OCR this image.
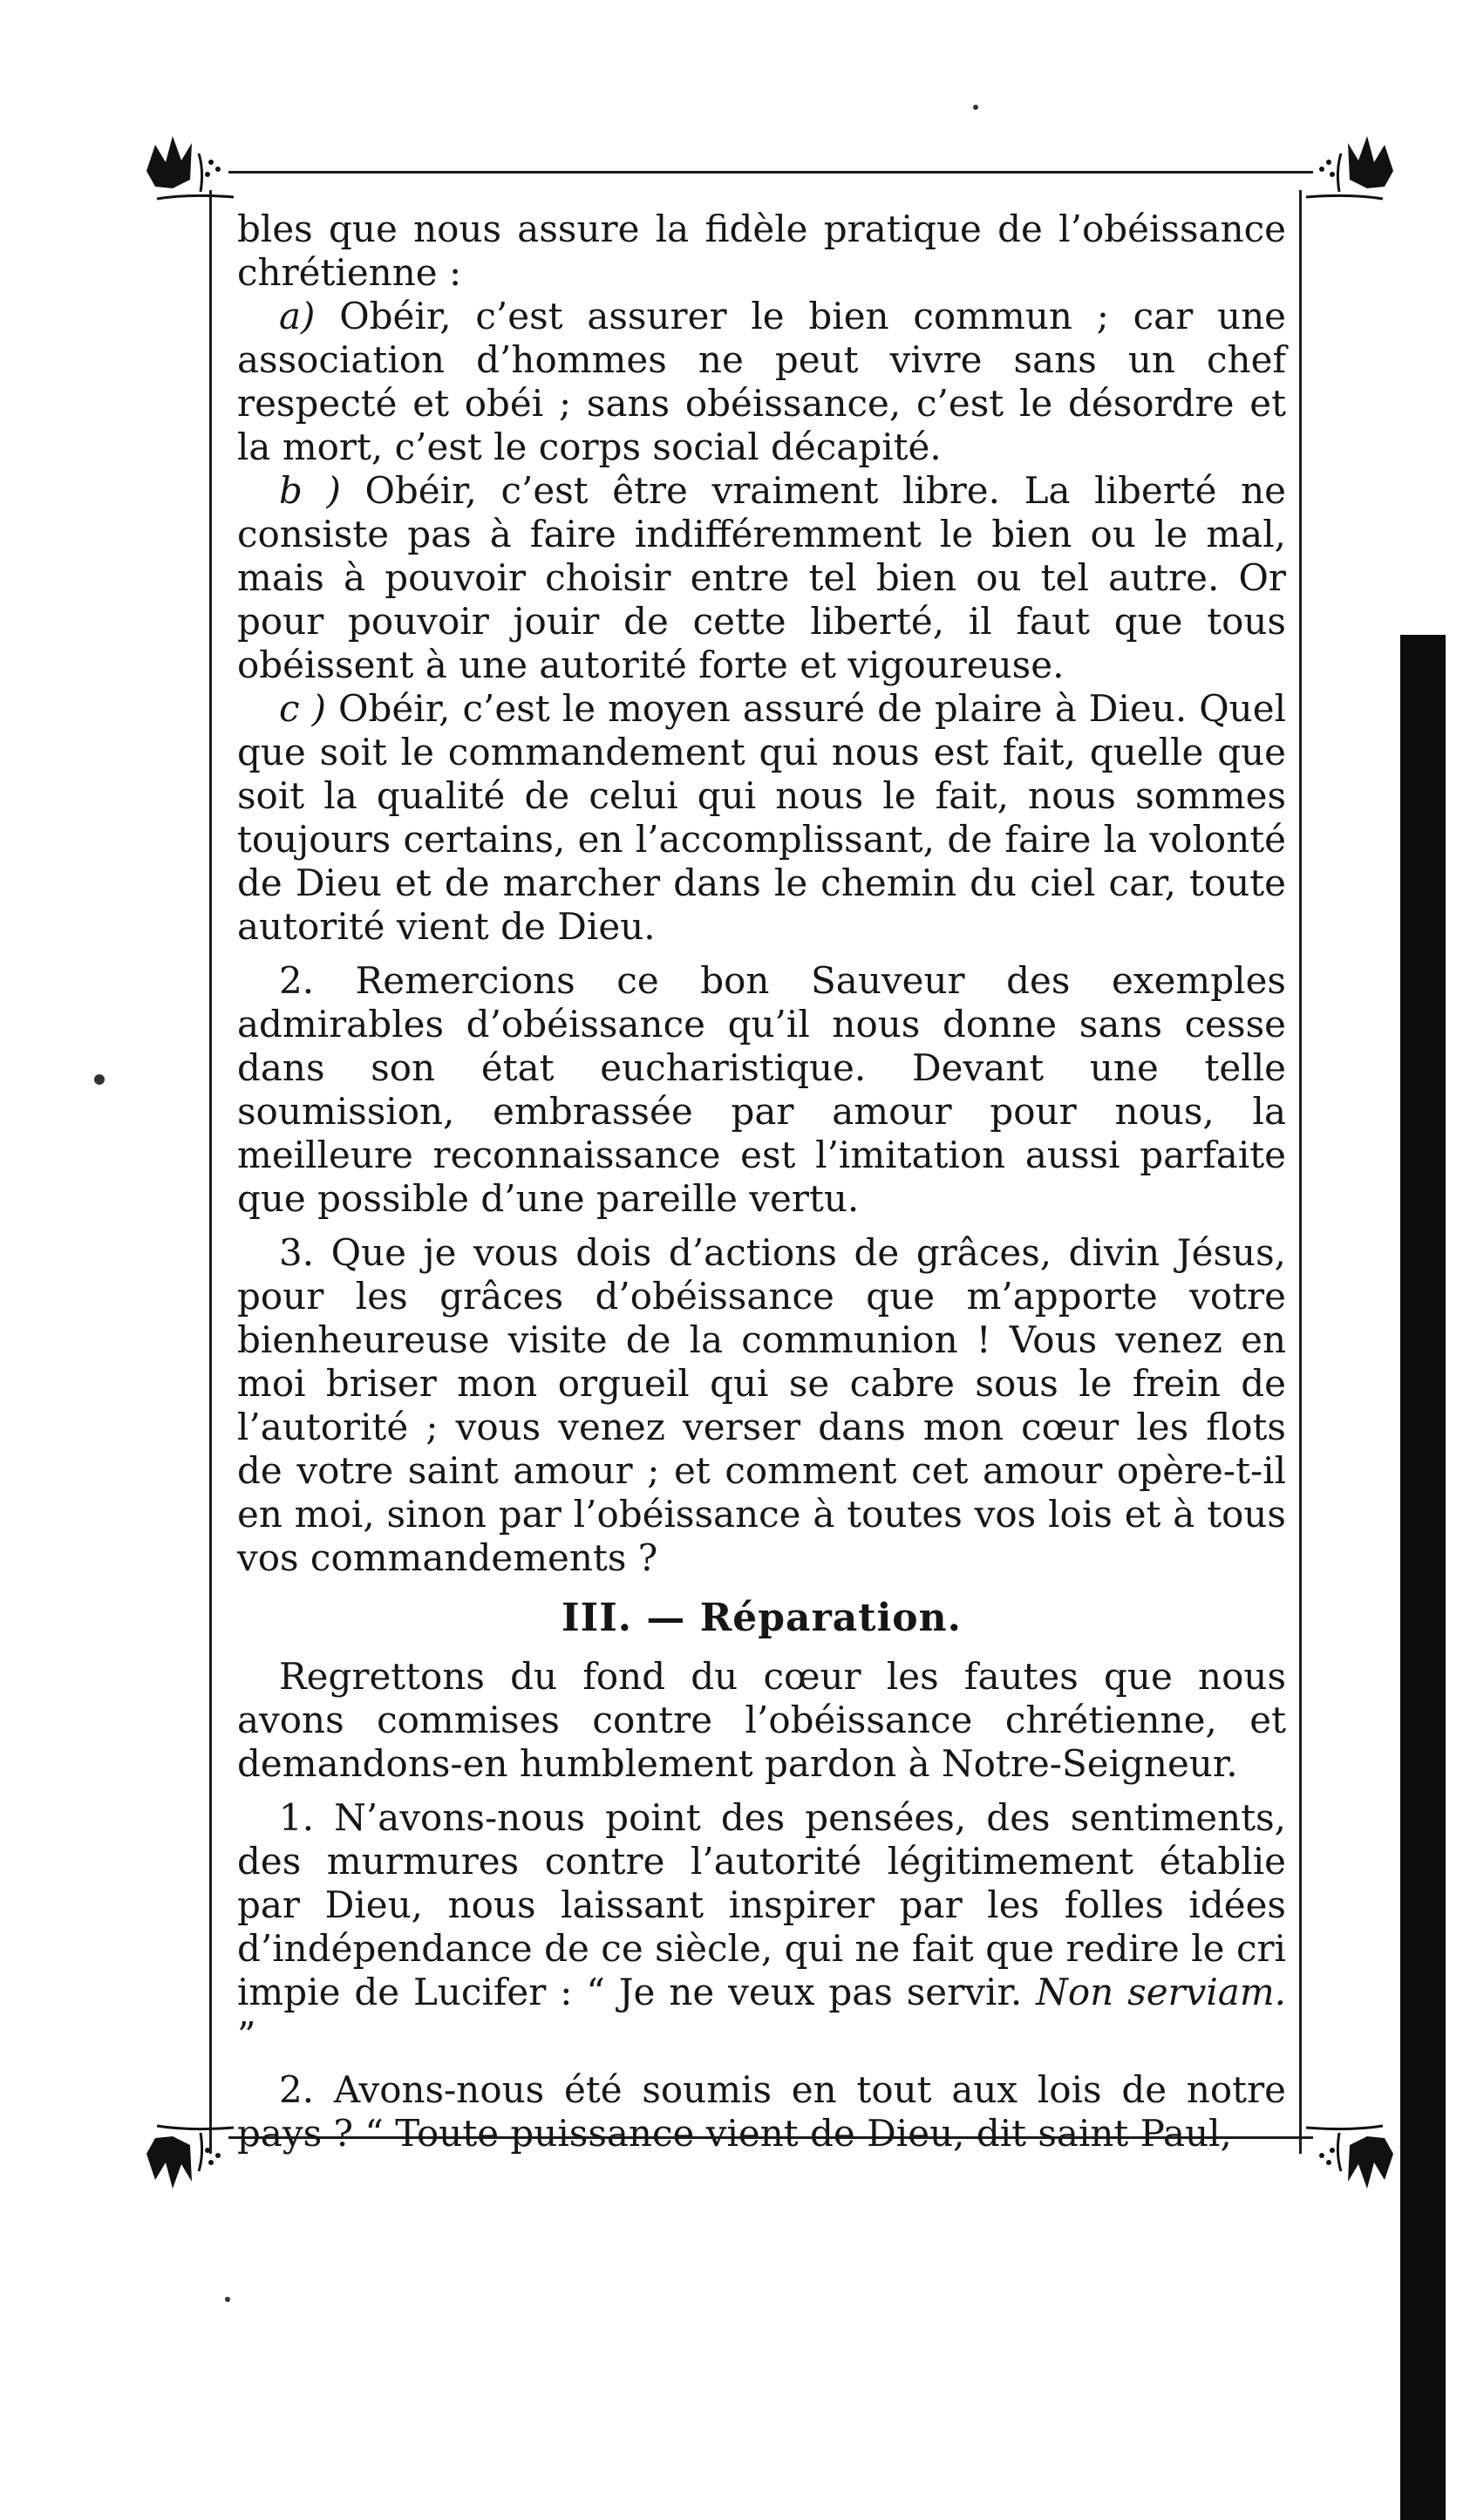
bles que nous assure la fidèle pratique de l’obéissance chrétienne :

a) Obéir, c’est assurer le bien commun ; car une association d’hommes ne peut vivre sans un chef respecté et obéi ; sans obéissance, c’est le désordre et la mort, c’est le corps social décapité.

b ) Obéir, c’est être vraiment libre. La liberté ne consiste pas à faire indifféremment le bien ou le mal, mais à pouvoir choisir entre tel bien ou tel autre. Or pour pouvoir jouir de cette liberté, il faut que tous obéissent à une autorité forte et vigoureuse.

c ) Obéir, c’est le moyen assuré de plaire à Dieu. Quel que soit le commandement qui nous est fait, quelle que soit la qualité de celui qui nous le fait, nous sommes toujours certains, en l’accomplissant, de faire la volonté de Dieu et de marcher dans le chemin du ciel car, toute autorité vient de Dieu.

2. Remercions ce bon Sauveur des exemples admirables d’obéissance qu’il nous donne sans cesse dans son état eucharistique. Devant une telle soumission, embrassée par amour pour nous, la meilleure reconnaissance est l’imitation aussi parfaite que possible d’une pareille vertu.

3. Que je vous dois d’actions de grâces, divin Jésus, pour les grâces d’obéissance que m’apporte votre bienheureuse visite de la communion ! Vous venez en moi briser mon orgueil qui se cabre sous le frein de l’autorité ; vous venez verser dans mon cœur les flots de votre saint amour ; et comment cet amour opère-t-il en moi, sinon par l’obéissance à toutes vos lois et à tous vos commandements ?

III. — Réparation.

Regrettons du fond du cœur les fautes que nous avons commises contre l’obéissance chrétienne, et demandons-en humblement pardon à Notre-Seigneur.

1. N’avons-nous point des pensées, des sentiments, des murmures contre l’autorité légitimement établie par Dieu, nous laissant inspirer par les folles idées d’indépendance de ce siècle, qui ne fait que redire le cri impie de Lucifer : “ Je ne veux pas servir. Non serviam. ”

2. Avons-nous été soumis en tout aux lois de notre pays ? “ Toute puissance vient de Dieu, dit saint Paul,
